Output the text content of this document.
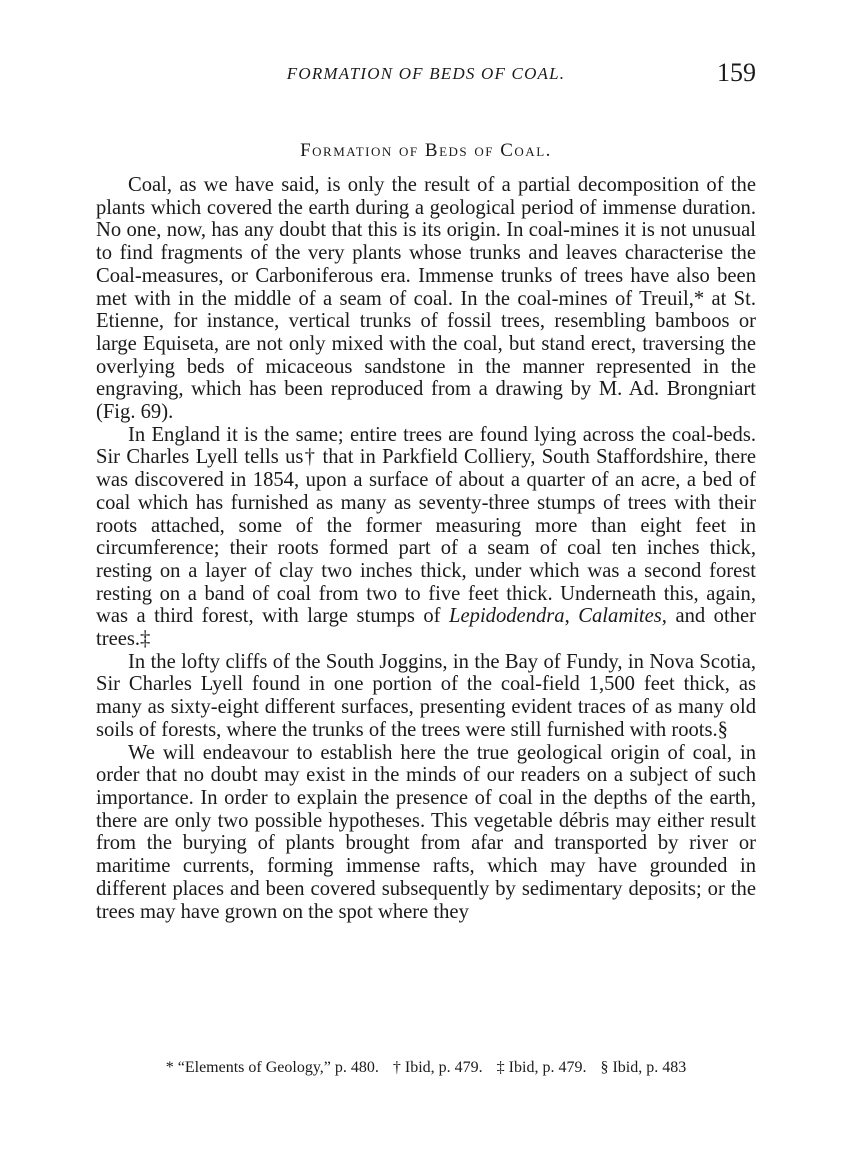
FORMATION OF BEDS OF COAL.	159
Formation of Beds of Coal.

Coal, as we have said, is only the result of a partial decomposition of the plants which covered the earth during a geological period of immense duration. No one, now, has any doubt that this is its origin. In coal-mines it is not unusual to find fragments of the very plants whose trunks and leaves characterise the Coal-measures, or Carboniferous era. Immense trunks of trees have also been met with in the middle of a seam of coal. In the coal-mines of Treuil,* at St. Etienne, for instance, vertical trunks of fossil trees, resembling bamboos or large Equiseta, are not only mixed with the coal, but stand erect, traversing the overlying beds of micaceous sandstone in the manner represented in the engraving, which has been reproduced from a drawing by M. Ad. Brongniart (Fig. 69).

In England it is the same; entire trees are found lying across the coal-beds. Sir Charles Lyell tells us† that in Parkfield Colliery, South Staffordshire, there was discovered in 1854, upon a surface of about a quarter of an acre, a bed of coal which has furnished as many as seventy-three stumps of trees with their roots attached, some of the former measuring more than eight feet in circumference; their roots formed part of a seam of coal ten inches thick, resting on a layer of clay two inches thick, under which was a second forest resting on a band of coal from two to five feet thick. Underneath this, again, was a third forest, with large stumps of Lepidodendra, Calamites, and other trees.‡

In the lofty cliffs of the South Joggins, in the Bay of Fundy, in Nova Scotia, Sir Charles Lyell found in one portion of the coal-field 1,500 feet thick, as many as sixty-eight different surfaces, presenting evident traces of as many old soils of forests, where the trunks of the trees were still furnished with roots.§

We will endeavour to establish here the true geological origin of coal, in order that no doubt may exist in the minds of our readers on a subject of such importance. In order to explain the presence of coal in the depths of the earth, there are only two possible hypotheses. This vegetable débris may either result from the burying of plants brought from afar and transported by river or maritime currents, forming immense rafts, which may have grounded in different places and been covered subsequently by sedimentary deposits; or the trees may have grown on the spot where they

* “Elements of Geology,” p. 480. † Ibid, p. 479. ‡ Ibid, p. 479. § Ibid, p. 483
